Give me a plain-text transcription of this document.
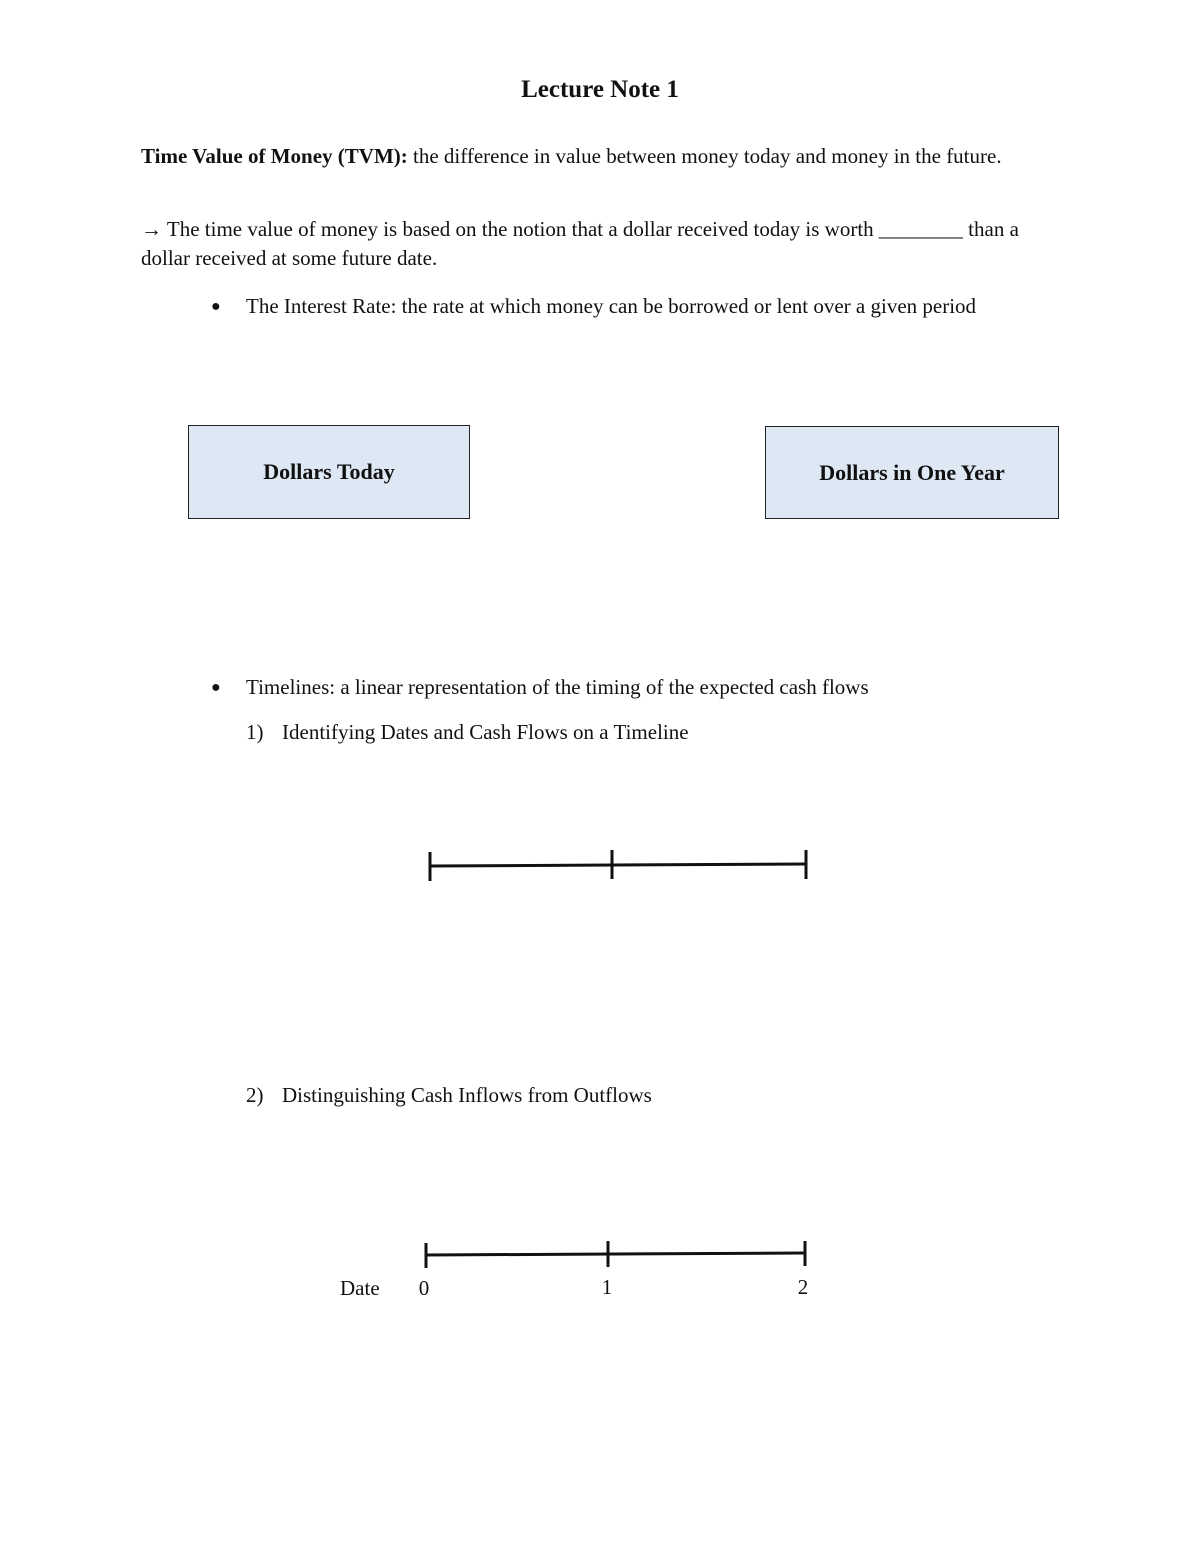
Lecture Note 1
Time Value of Money (TVM): the difference in value between money today and money in the future.
→ The time value of money is based on the notion that a dollar received today is worth ________ than a dollar received at some future date.
● The Interest Rate: the rate at which money can be borrowed or lent over a given period
Dollars Today	Dollars in One Year
● Timelines: a linear representation of the timing of the expected cash flows
1) Identifying Dates and Cash Flows on a Timeline
2) Distinguishing Cash Inflows from Outflows
Date 0	1	2
